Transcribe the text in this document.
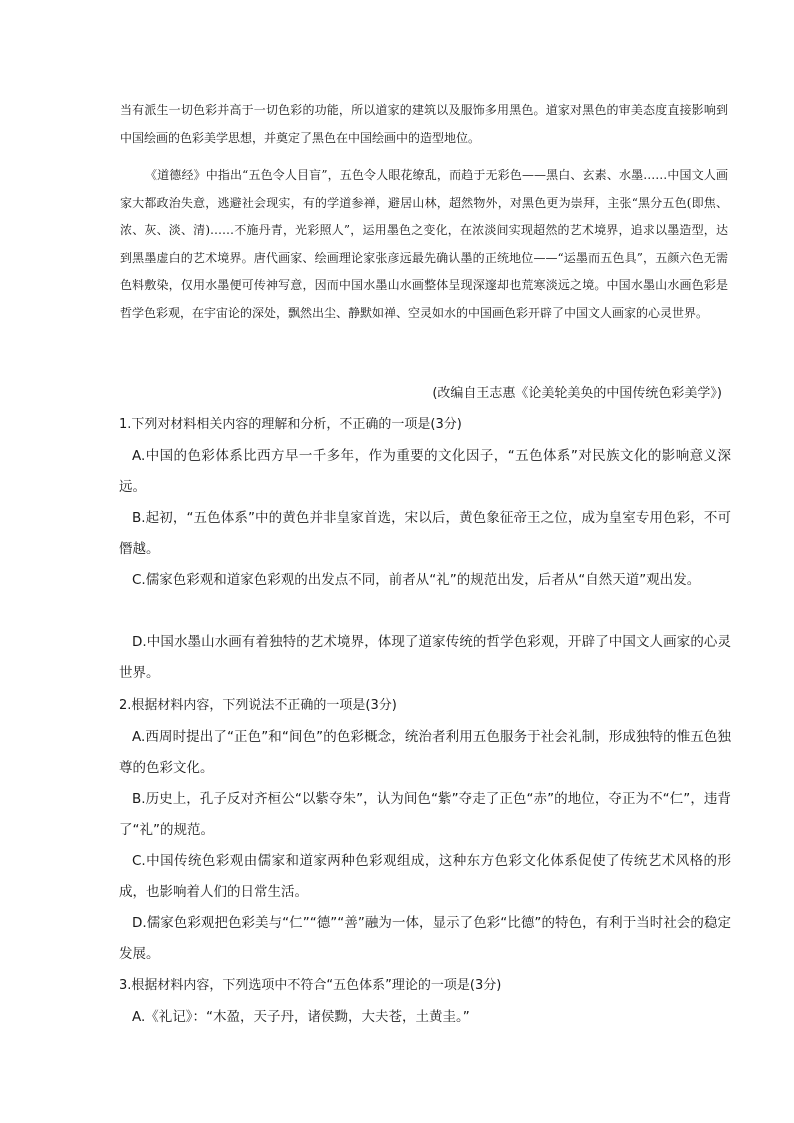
当有派生一切色彩并高于一切色彩的功能，所以道家的建筑以及服饰多用黑色。道家对黑色的审美态度直接影响到中国绘画的色彩美学思想，并奠定了黑色在中国绘画中的造型地位。

《道德经》中指出“五色令人目盲”，五色令人眼花缭乱，而趋于无彩色——黑白、玄素、水墨……中国文人画家大都政治失意，逃避社会现实，有的学道参禅，避居山林，超然物外，对黑色更为崇拜，主张“黑分五色(即焦、浓、灰、淡、清)……不施丹青，光彩照人”，运用墨色之变化，在浓淡间实现超然的艺术境界，追求以墨造型，达到黑墨虚白的艺术境界。唐代画家、绘画理论家张彦远最先确认墨的正统地位——“运墨而五色具”，五颜六色无需色料敷染，仅用水墨便可传神写意，因而中国水墨山水画整体呈现深邃却也荒寒淡远之境。中国水墨山水画色彩是哲学色彩观，在宇宙论的深处，飘然出尘、静默如禅、空灵如水的中国画色彩开辟了中国文人画家的心灵世界。

(改编自王志惠《论美轮美奂的中国传统色彩美学》)

1.下列对材料相关内容的理解和分析，不正确的一项是(3分)

A.中国的色彩体系比西方早一千多年，作为重要的文化因子，“五色体系”对民族文化的影响意义深远。

B.起初，“五色体系”中的黄色并非皇家首选，宋以后，黄色象征帝王之位，成为皇室专用色彩，不可僭越。

C.儒家色彩观和道家色彩观的出发点不同，前者从“礼”的规范出发，后者从“自然天道”观出发。

D.中国水墨山水画有着独特的艺术境界，体现了道家传统的哲学色彩观，开辟了中国文人画家的心灵世界。

2.根据材料内容，下列说法不正确的一项是(3分)

A.西周时提出了“正色”和“间色”的色彩概念，统治者利用五色服务于社会礼制，形成独特的惟五色独尊的色彩文化。

B.历史上，孔子反对齐桓公“以紫夺朱”，认为间色“紫”夺走了正色“赤”的地位，夺正为不“仁”，违背了“礼”的规范。

C.中国传统色彩观由儒家和道家两种色彩观组成，这种东方色彩文化体系促使了传统艺术风格的形成，也影响着人们的日常生活。

D.儒家色彩观把色彩美与“仁”“德”“善”融为一体，显示了色彩“比德”的特色，有利于当时社会的稳定发展。

3.根据材料内容，下列选项中不符合“五色体系”理论的一项是(3分)

A.《礼记》：“木盈，天子丹，诸侯黝，大夫苍，土黄圭。”
